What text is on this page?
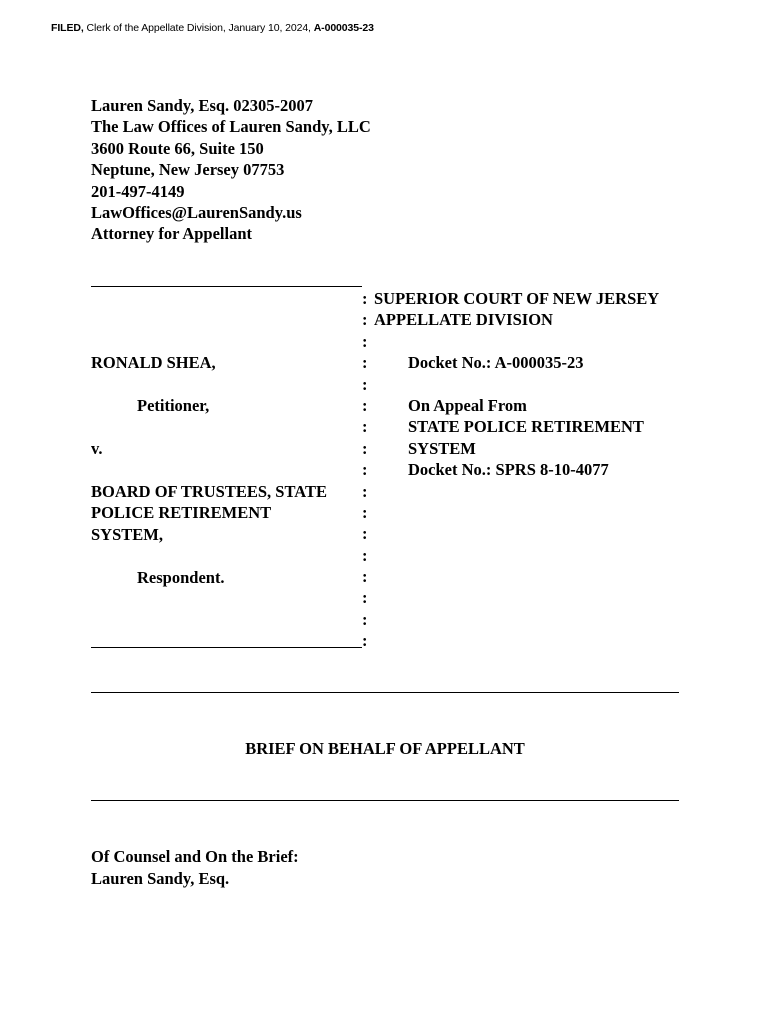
FILED, Clerk of the Appellate Division, January 10, 2024, A-000035-23
Lauren Sandy, Esq. 02305-2007
The Law Offices of Lauren Sandy, LLC
3600 Route 66, Suite 150
Neptune, New Jersey 07753
201-497-4149
LawOffices@LaurenSandy.us
Attorney for Appellant
:
:
:
:
:
:
:
:
:
:
:
:
:
:
:
:
:
SUPERIOR COURT OF NEW JERSEY
APPELLATE DIVISION
RONALD SHEA,
Petitioner,
v.
BOARD OF TRUSTEES, STATE
POLICE RETIREMENT
SYSTEM,
Respondent.
Docket No.: A-000035-23
On Appeal From
STATE POLICE RETIREMENT
SYSTEM
Docket No.: SPRS 8-10-4077
BRIEF ON BEHALF OF APPELLANT
Of Counsel and On the Brief:
Lauren Sandy, Esq.
